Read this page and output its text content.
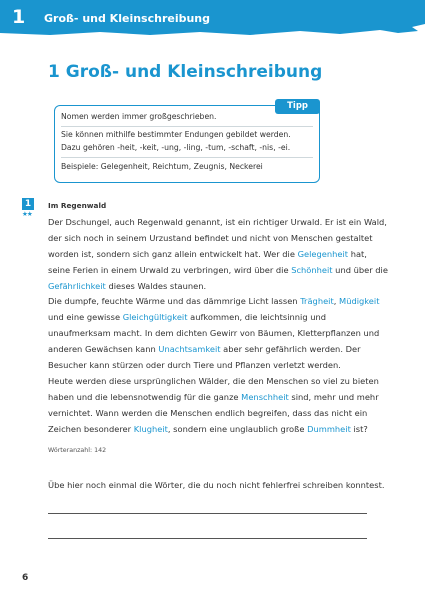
1 Groß- und Kleinschreibung
1 Groß- und Kleinschreibung
Tipp
Nomen werden immer großgeschrieben.
Sie können mithilfe bestimmter Endungen gebildet werden.
Dazu gehören -heit, -keit, -ung, -ling, -tum, -schaft, -nis, -ei.
Beispiele: Gelegenheit, Reichtum, Zeugnis, Neckerei
1
★★
Im Regenwald
Der Dschungel, auch Regenwald genannt, ist ein richtiger Urwald. Er ist ein Wald,
der sich noch in seinem Urzustand befindet und nicht von Menschen gestaltet
worden ist, sondern sich ganz allein entwickelt hat. Wer die Gelegenheit hat,
seine Ferien in einem Urwald zu verbringen, wird über die Schönheit und über die
Gefährlichkeit dieses Waldes staunen.
Die dumpfe, feuchte Wärme und das dämmrige Licht lassen Trägheit, Müdigkeit
und eine gewisse Gleichgültigkeit aufkommen, die leichtsinnig und
unaufmerksam macht. In dem dichten Gewirr von Bäumen, Kletterpflanzen und
anderen Gewächsen kann Unachtsamkeit aber sehr gefährlich werden. Der
Besucher kann stürzen oder durch Tiere und Pflanzen verletzt werden.
Heute werden diese ursprünglichen Wälder, die den Menschen so viel zu bieten
haben und die lebensnotwendig für die ganze Menschheit sind, mehr und mehr
vernichtet. Wann werden die Menschen endlich begreifen, dass das nicht ein
Zeichen besonderer Klugheit, sondern eine unglaublich große Dummheit ist?
Wörteranzahl: 142
Übe hier noch einmal die Wörter, die du noch nicht fehlerfrei schreiben konntest.
6
